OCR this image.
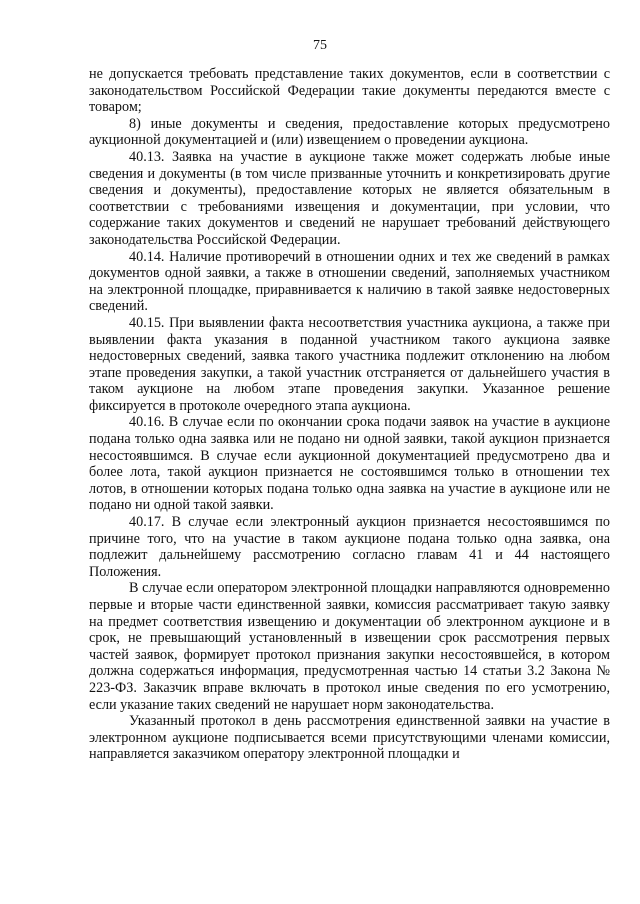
75

не допускается требовать представление таких документов, если в соответствии с законодательством Российской Федерации такие документы передаются вместе с товаром;

8) иные документы и сведения, предоставление которых предусмотрено аукционной документацией и (или) извещением о проведении аукциона.

40.13. Заявка на участие в аукционе также может содержать любые иные сведения и документы (в том числе призванные уточнить и конкретизировать другие сведения и документы), предоставление которых не является обязательным в соответствии с требованиями извещения и документации, при условии, что содержание таких документов и сведений не нарушает требований действующего законодательства Российской Федерации.

40.14. Наличие противоречий в отношении одних и тех же сведений в рамках документов одной заявки, а также в отношении сведений, заполняемых участником на электронной площадке, приравнивается к наличию в такой заявке недостоверных сведений.

40.15. При выявлении факта несоответствия участника аукциона, а также при выявлении факта указания в поданной участником такого аукциона заявке недостоверных сведений, заявка такого участника подлежит отклонению на любом этапе проведения закупки, а такой участник отстраняется от дальнейшего участия в таком аукционе на любом этапе проведения закупки. Указанное решение фиксируется в протоколе очередного этапа аукциона.

40.16. В случае если по окончании срока подачи заявок на участие в аукционе подана только одна заявка или не подано ни одной заявки, такой аукцион признается несостоявшимся. В случае если аукционной документацией предусмотрено два и более лота, такой аукцион признается не состоявшимся только в отношении тех лотов, в отношении которых подана только одна заявка на участие в аукционе или не подано ни одной такой заявки.

40.17. В случае если электронный аукцион признается несостоявшимся по причине того, что на участие в таком аукционе подана только одна заявка, она подлежит дальнейшему рассмотрению согласно главам 41 и 44 настоящего Положения.

В случае если оператором электронной площадки направляются одновременно первые и вторые части единственной заявки, комиссия рассматривает такую заявку на предмет соответствия извещению и документации об электронном аукционе и в срок, не превышающий установленный в извещении срок рассмотрения первых частей заявок, формирует протокол признания закупки несостоявшейся, в котором должна содержаться информация, предусмотренная частью 14 статьи 3.2 Закона № 223-ФЗ. Заказчик вправе включать в протокол иные сведения по его усмотрению, если указание таких сведений не нарушает норм законодательства.

Указанный протокол в день рассмотрения единственной заявки на участие в электронном аукционе подписывается всеми присутствующими членами комиссии, направляется заказчиком оператору электронной площадки и
